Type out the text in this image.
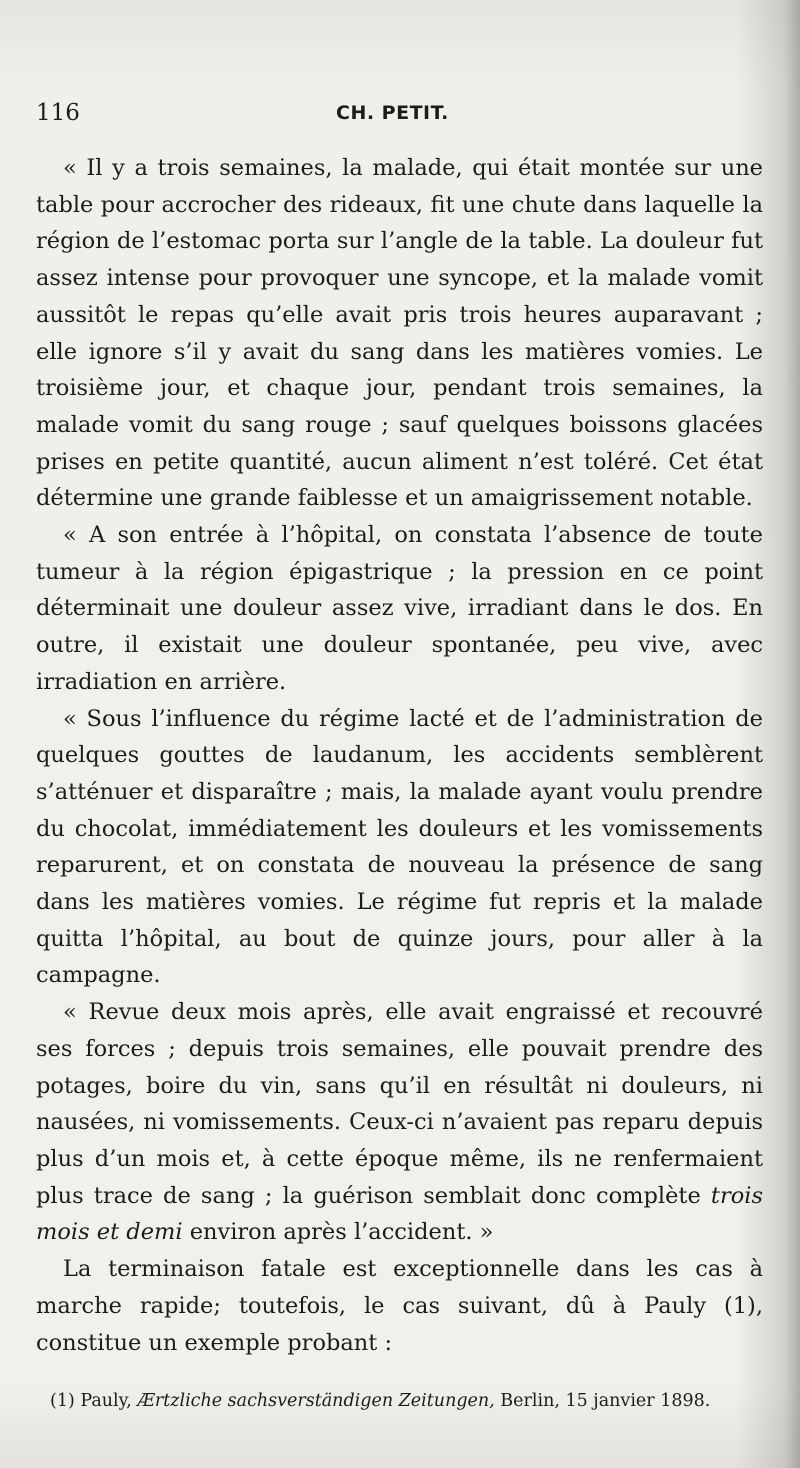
116	CH. PETIT.

« Il y a trois semaines, la malade, qui était montée sur une table pour accrocher des rideaux, fit une chute dans laquelle la région de l’estomac porta sur l’angle de la table. La douleur fut assez intense pour provoquer une syncope, et la malade vomit aussitôt le repas qu’elle avait pris trois heures auparavant ; elle ignore s’il y avait du sang dans les matières vomies. Le troisième jour, et chaque jour, pendant trois semaines, la malade vomit du sang rouge ; sauf quelques boissons glacées prises en petite quantité, aucun aliment n’est toléré. Cet état détermine une grande faiblesse et un amaigrissement notable.

« A son entrée à l’hôpital, on constata l’absence de toute tumeur à la région épigastrique ; la pression en ce point déterminait une douleur assez vive, irradiant dans le dos. En outre, il existait une douleur spontanée, peu vive, avec irradiation en arrière.

« Sous l’influence du régime lacté et de l’administration de quelques gouttes de laudanum, les accidents semblèrent s’atténuer et disparaître ; mais, la malade ayant voulu prendre du chocolat, immédiatement les douleurs et les vomissements reparurent, et on constata de nouveau la présence de sang dans les matières vomies. Le régime fut repris et la malade quitta l’hôpital, au bout de quinze jours, pour aller à la campagne.

« Revue deux mois après, elle avait engraissé et recouvré ses forces ; depuis trois semaines, elle pouvait prendre des potages, boire du vin, sans qu’il en résultât ni douleurs, ni nausées, ni vomissements. Ceux-ci n’avaient pas reparu depuis plus d’un mois et, à cette époque même, ils ne renfermaient plus trace de sang ; la guérison semblait donc complète trois mois et demi environ après l’accident. »

La terminaison fatale est exceptionnelle dans les cas à marche rapide; toutefois, le cas suivant, dû à Pauly (1), constitue un exemple probant :

(1) Pauly, Ærtzliche sachsverständigen Zeitungen, Berlin, 15 janvier 1898.
